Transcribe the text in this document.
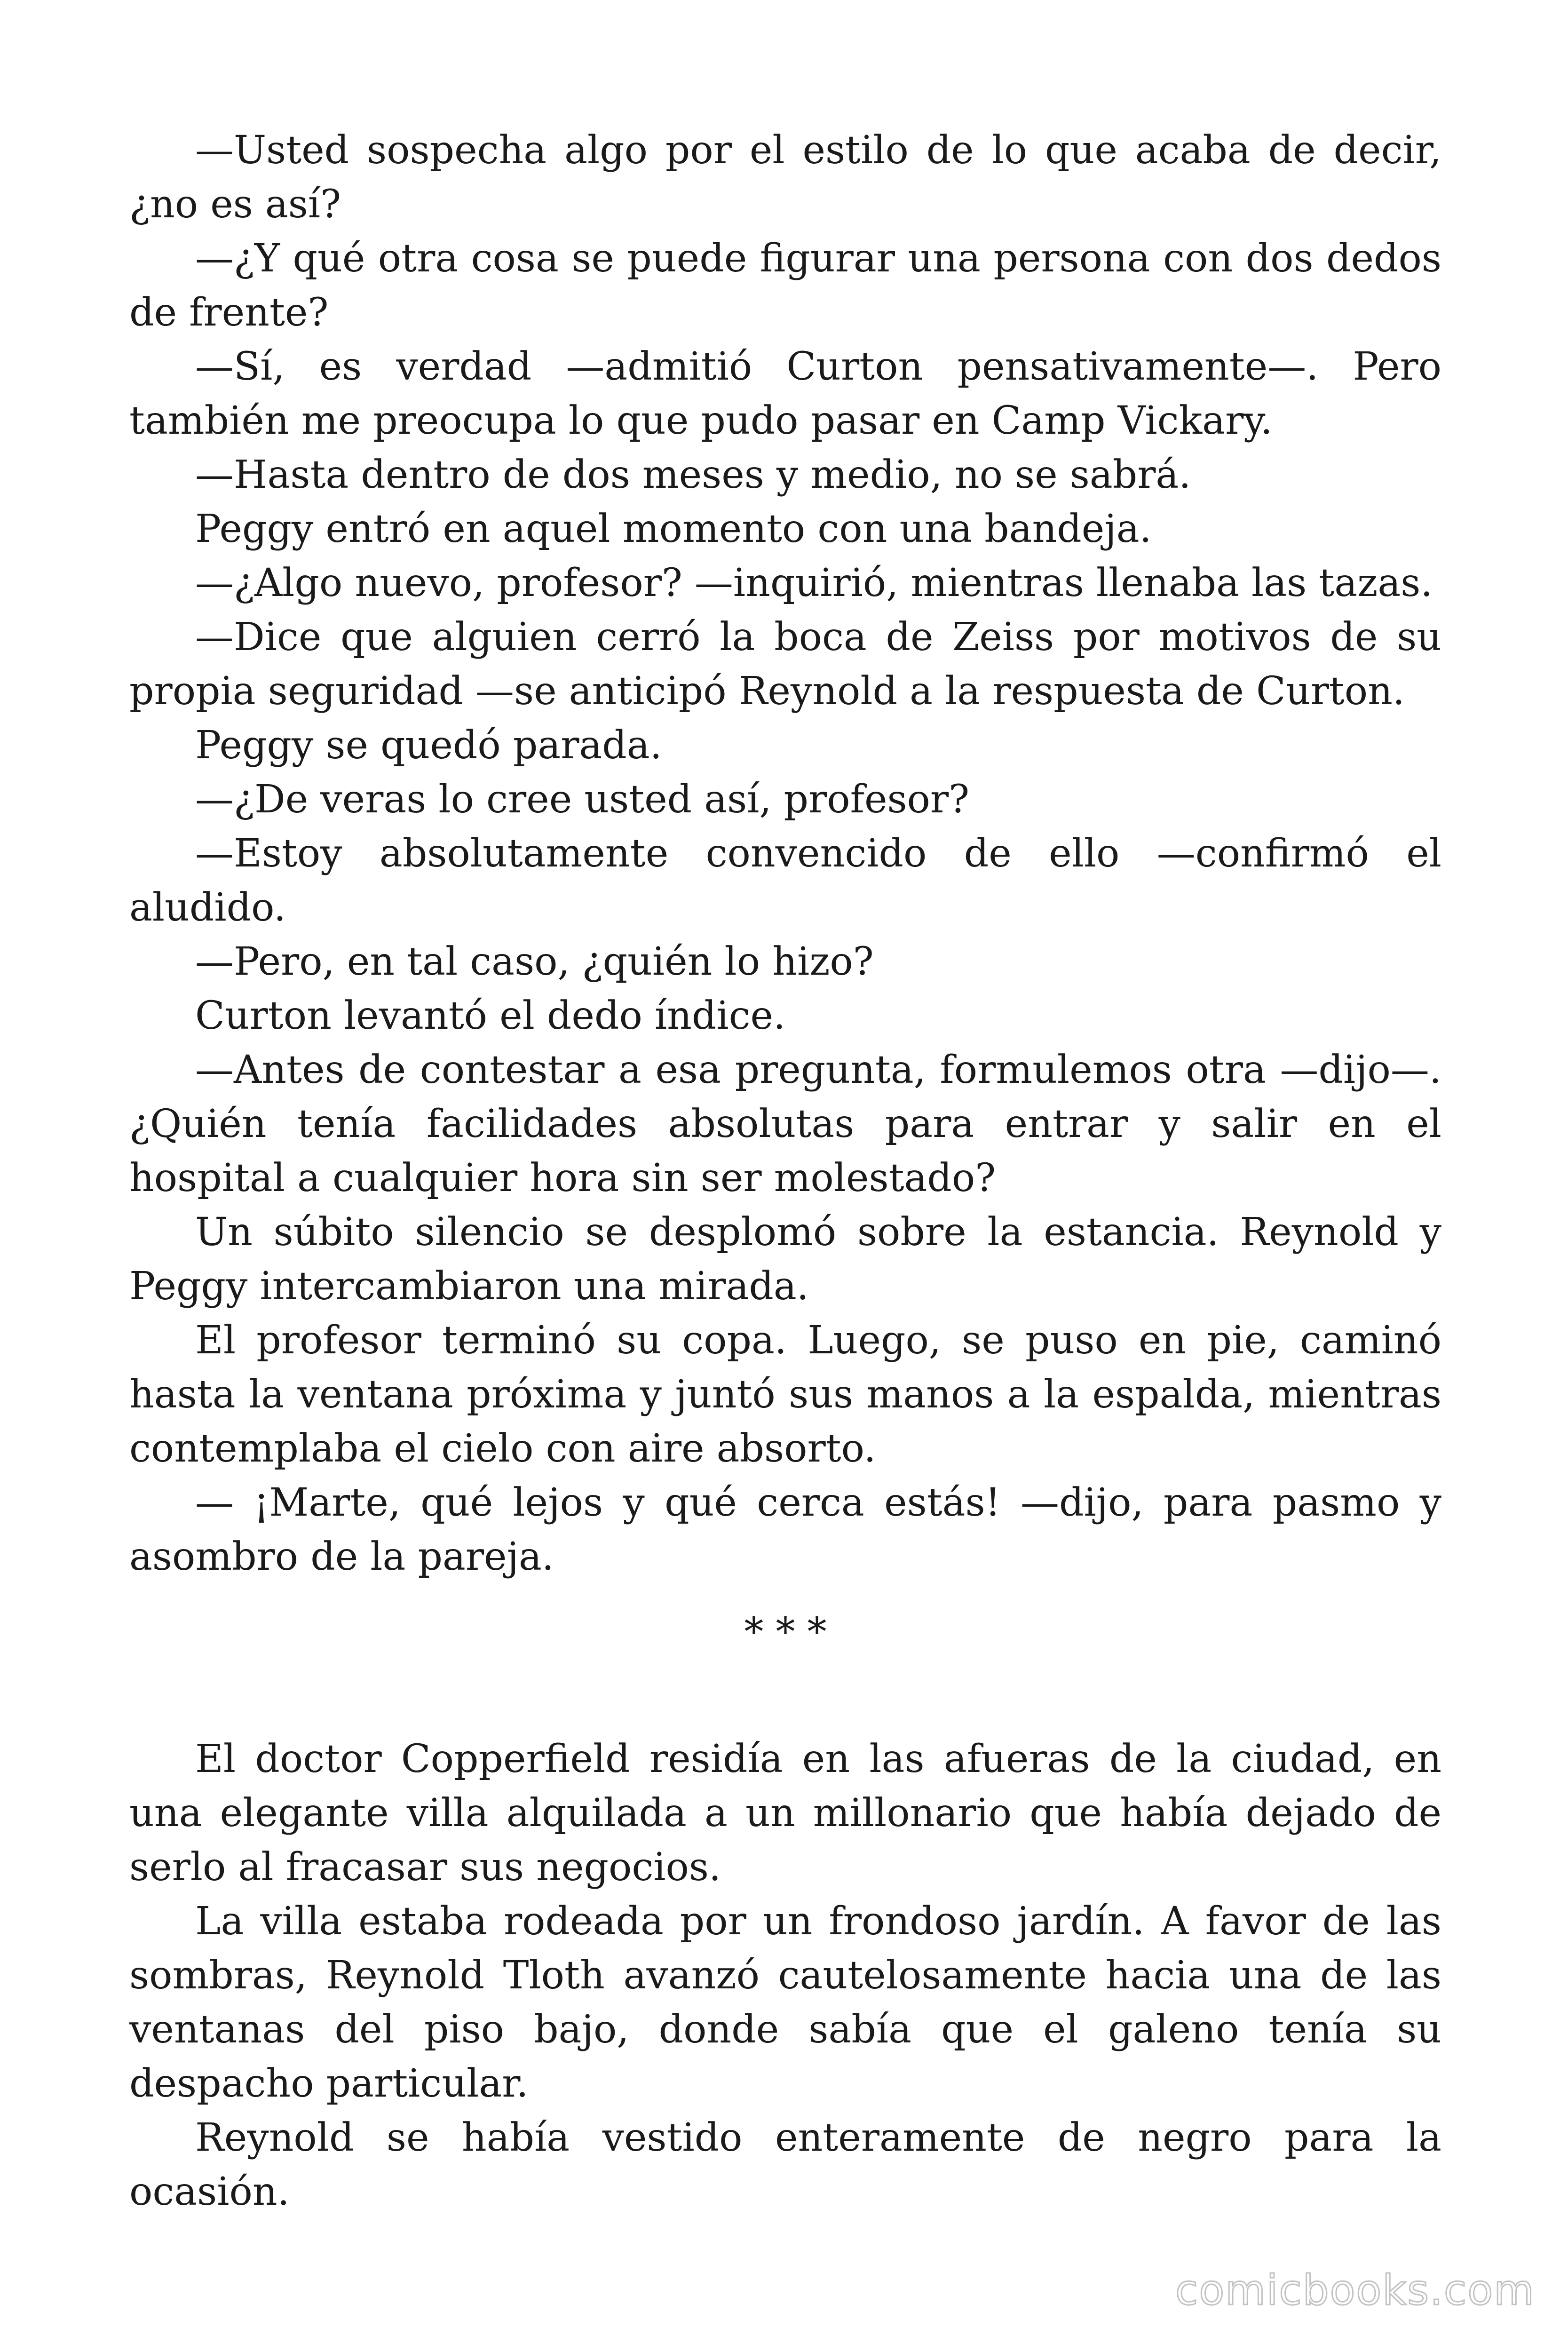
—Usted sospecha algo por el estilo de lo que acaba de decir, ¿no es así?

—¿Y qué otra cosa se puede figurar una persona con dos dedos de frente?

—Sí, es verdad —admitió Curton pensativamente—. Pero también me preocupa lo que pudo pasar en Camp Vickary.

—Hasta dentro de dos meses y medio, no se sabrá.

Peggy entró en aquel momento con una bandeja.

—¿Algo nuevo, profesor? —inquirió, mientras llenaba las tazas.

—Dice que alguien cerró la boca de Zeiss por motivos de su propia seguridad —se anticipó Reynold a la respuesta de Curton.

Peggy se quedó parada.

—¿De veras lo cree usted así, profesor?

—Estoy absolutamente convencido de ello —confirmó el aludido.

—Pero, en tal caso, ¿quién lo hizo?

Curton levantó el dedo índice.

—Antes de contestar a esa pregunta, formulemos otra —dijo—. ¿Quién tenía facilidades absolutas para entrar y salir en el hospital a cualquier hora sin ser molestado?

Un súbito silencio se desplomó sobre la estancia. Reynold y Peggy intercambiaron una mirada.

El profesor terminó su copa. Luego, se puso en pie, caminó hasta la ventana próxima y juntó sus manos a la espalda, mientras contemplaba el cielo con aire absorto.

— ¡Marte, qué lejos y qué cerca estás! —dijo, para pasmo y asombro de la pareja.

* * *

El doctor Copperfield residía en las afueras de la ciudad, en una elegante villa alquilada a un millonario que había dejado de serlo al fracasar sus negocios.

La villa estaba rodeada por un frondoso jardín. A favor de las sombras, Reynold Tloth avanzó cautelosamente hacia una de las ventanas del piso bajo, donde sabía que el galeno tenía su despacho particular.

Reynold se había vestido enteramente de negro para la ocasión.

comicbooks.com
